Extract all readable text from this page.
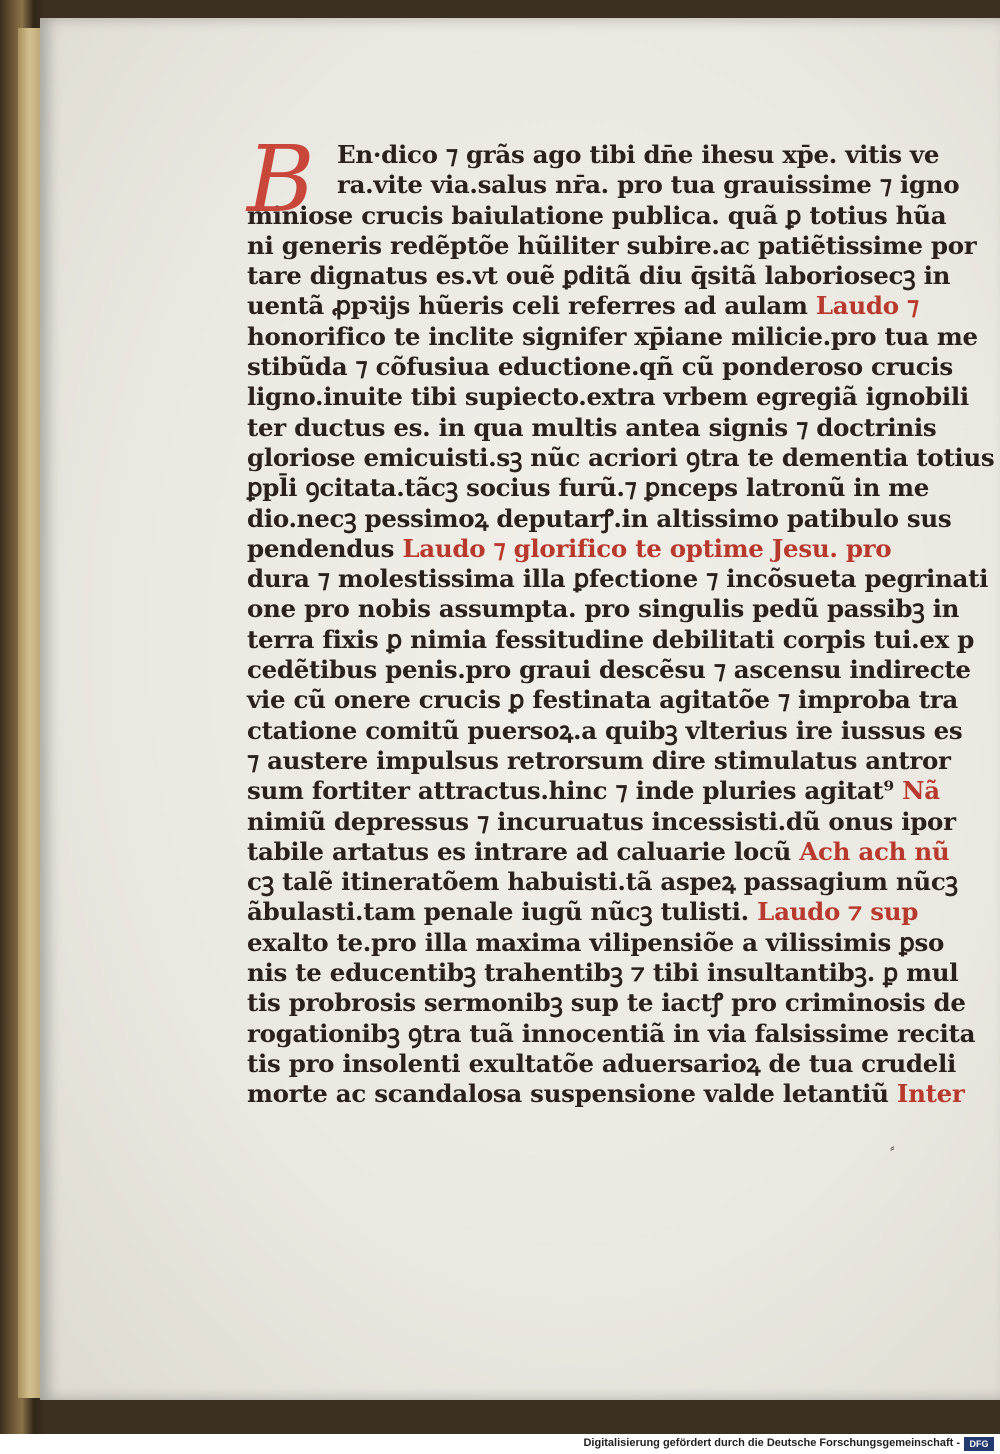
B En·dico ⁊ grãs ago tibi dn̄e ihesu xp̄e. vitis ve
ra.vite via.salus nr̄a. pro tua grauissime ⁊ igno
miniose crucis baiulatione publica. quã ꝑ totius hũa
ni generis redẽptõe hũiliter subire.ac patiẽtissime por
tare dignatus es.vt ouẽ ꝑditã diu q̄sitã laboriosecꝫ in
uentã ꝓpꝛijs hũeris celi referres ad aulam Laudo ⁊
honorifico te inclite signifer xp̄iane milicie.pro tua me
stibũda ⁊ cõfusiua eductione.qñ cũ ponderoso crucis
ligno.inuite tibi supiecto.extra vrbem egregiã ignobili
ter ductus es. in qua multis antea signis ⁊ doctrinis
gloriose emicuisti.sꝫ nũc acriori ꝯtra te dementia totius
ꝑpl̄i ꝯcitata.tãcꝫ socius furũ.⁊ ꝑnceps latronũ in me
dio.necꝫ pessimoꝝ deputarꝭ.in altissimo patibulo sus
pendendus Laudo ⁊ glorifico te optime Jesu. pro
dura ⁊ molestissima illa ꝑfectione ⁊ incõsueta pegrinati
one pro nobis assumpta. pro singulis pedũ passibꝫ in
terra fixis ꝑ nimia fessitudine debilitati corpis tui.ex p
cedẽtibus penis.pro graui descẽsu ⁊ ascensu indirecte
vie cũ onere crucis ꝑ festinata agitatõe ⁊ improba tra
ctatione comitũ puersoꝝ.a quibꝫ vlterius ire iussus es
⁊ austere impulsus retrorsum dire stimulatus antror
sum fortiter attractus.hinc ⁊ inde pluries agitat⁹ Nã
nimiũ depressus ⁊ incuruatus incessisti.dũ onus ipor
tabile artatus es intrare ad caluarie locũ Ach ach nũ
cꝫ talẽ itineratõem habuisti.tã aspeꝝ passagium nũcꝫ
ãbulasti.tam penale iugũ nũcꝫ tulisti. Laudo ⁊ sup
exalto te.pro illa maxima vilipensiõe a vilissimis ꝑso
nis te educentibꝫ trahentibꝫ ⁊ tibi insultantibꝫ. ꝑ mul
tis probrosis sermonibꝫ sup te iactꝭ pro criminosis de
rogationibꝫ ꝯtra tuã innocentiã in via falsissime recita
tis pro insolenti exultatõe aduersarioꝝ de tua crudeli
morte ac scandalosa suspensione valde letantiũ Inter
⸗
Digitalisierung gefördert durch die Deutsche Forschungsgemeinschaft -	DFG
